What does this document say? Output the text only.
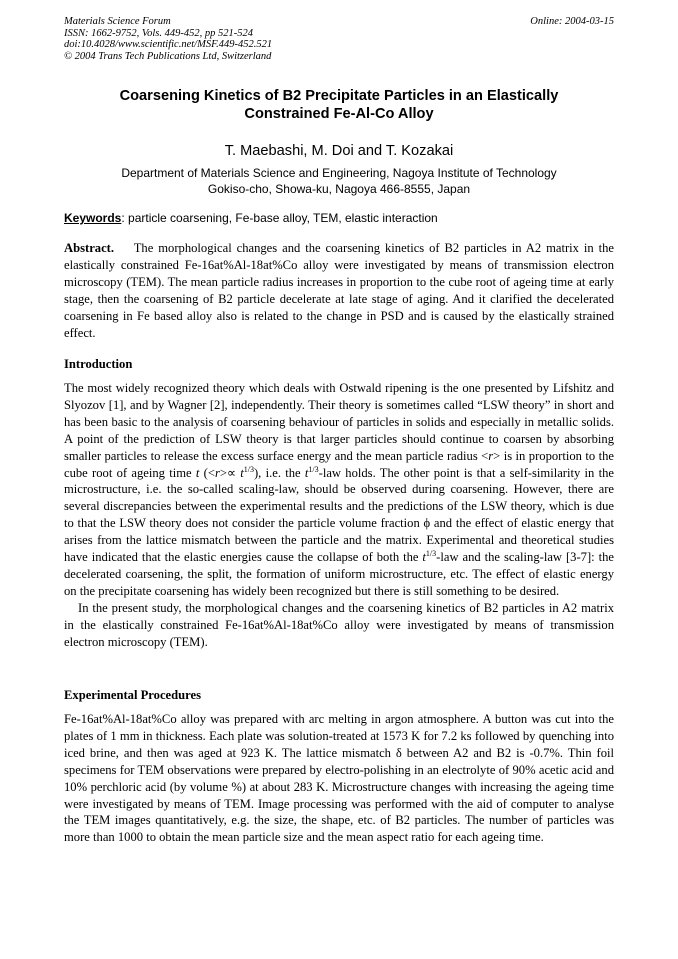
Materials Science Forum
ISSN: 1662-9752, Vols. 449-452, pp 521-524
doi:10.4028/www.scientific.net/MSF.449-452.521
© 2004 Trans Tech Publications Ltd, Switzerland
Online: 2004-03-15
Coarsening Kinetics of B2 Precipitate Particles in an Elastically
Constrained Fe-Al-Co Alloy
T. Maebashi, M. Doi and T. Kozakai
Department of Materials Science and Engineering, Nagoya Institute of Technology
Gokiso-cho, Showa-ku, Nagoya 466-8555, Japan
Keywords: particle coarsening, Fe-base alloy, TEM, elastic interaction
Abstract. The morphological changes and the coarsening kinetics of B2 particles in A2 matrix in the elastically constrained Fe-16at%Al-18at%Co alloy were investigated by means of transmission electron microscopy (TEM). The mean particle radius increases in proportion to the cube root of ageing time at early stage, then the coarsening of B2 particle decelerate at late stage of aging. And it clarified the decelerated coarsening in Fe based alloy also is related to the change in PSD and is caused by the elastically strained effect.
Introduction
The most widely recognized theory which deals with Ostwald ripening is the one presented by Lifshitz and Slyozov [1], and by Wagner [2], independently. Their theory is sometimes called “LSW theory” in short and has been basic to the analysis of coarsening behaviour of particles in solids and especially in metallic solids. A point of the prediction of LSW theory is that larger particles should continue to coarsen by absorbing smaller particles to release the excess surface energy and the mean particle radius <r> is in proportion to the cube root of ageing time t $(<r>\propto t^{1/3})$, i.e. the $t^{1/3}$-law holds. The other point is that a self-similarity in the microstructure, i.e. the so-called scaling-law, should be observed during coarsening. However, there are several discrepancies between the experimental results and the predictions of the LSW theory, which is due to that the LSW theory does not consider the particle volume fraction ϕ and the effect of elastic energy that arises from the lattice mismatch between the particle and the matrix. Experimental and theoretical studies have indicated that the elastic energies cause the collapse of both the $t^{1/3}$-law and the scaling-law [3-7]: the decelerated coarsening, the split, the formation of uniform microstructure, etc. The effect of elastic energy on the precipitate coarsening has widely been recognized but there is still something to be desired.
In the present study, the morphological changes and the coarsening kinetics of B2 particles in A2 matrix in the elastically constrained Fe-16at%Al-18at%Co alloy were investigated by means of transmission electron microscopy (TEM).
Experimental Procedures
Fe-16at%Al-18at%Co alloy was prepared with arc melting in argon atmosphere. A button was cut into the plates of 1 mm in thickness. Each plate was solution-treated at 1573 K for 7.2 ks followed by quenching into iced brine, and then was aged at 923 K. The lattice mismatch δ between A2 and B2 is -0.7%. Thin foil specimens for TEM observations were prepared by electro-polishing in an electrolyte of 90% acetic acid and 10% perchloric acid (by volume %) at about 283 K. Microstructure changes with increasing the ageing time were investigated by means of TEM. Image processing was performed with the aid of computer to analyse the TEM images quantitatively, e.g. the size, the shape, etc. of B2 particles. The number of particles was more than 1000 to obtain the mean particle size and the mean aspect ratio for each ageing time.
